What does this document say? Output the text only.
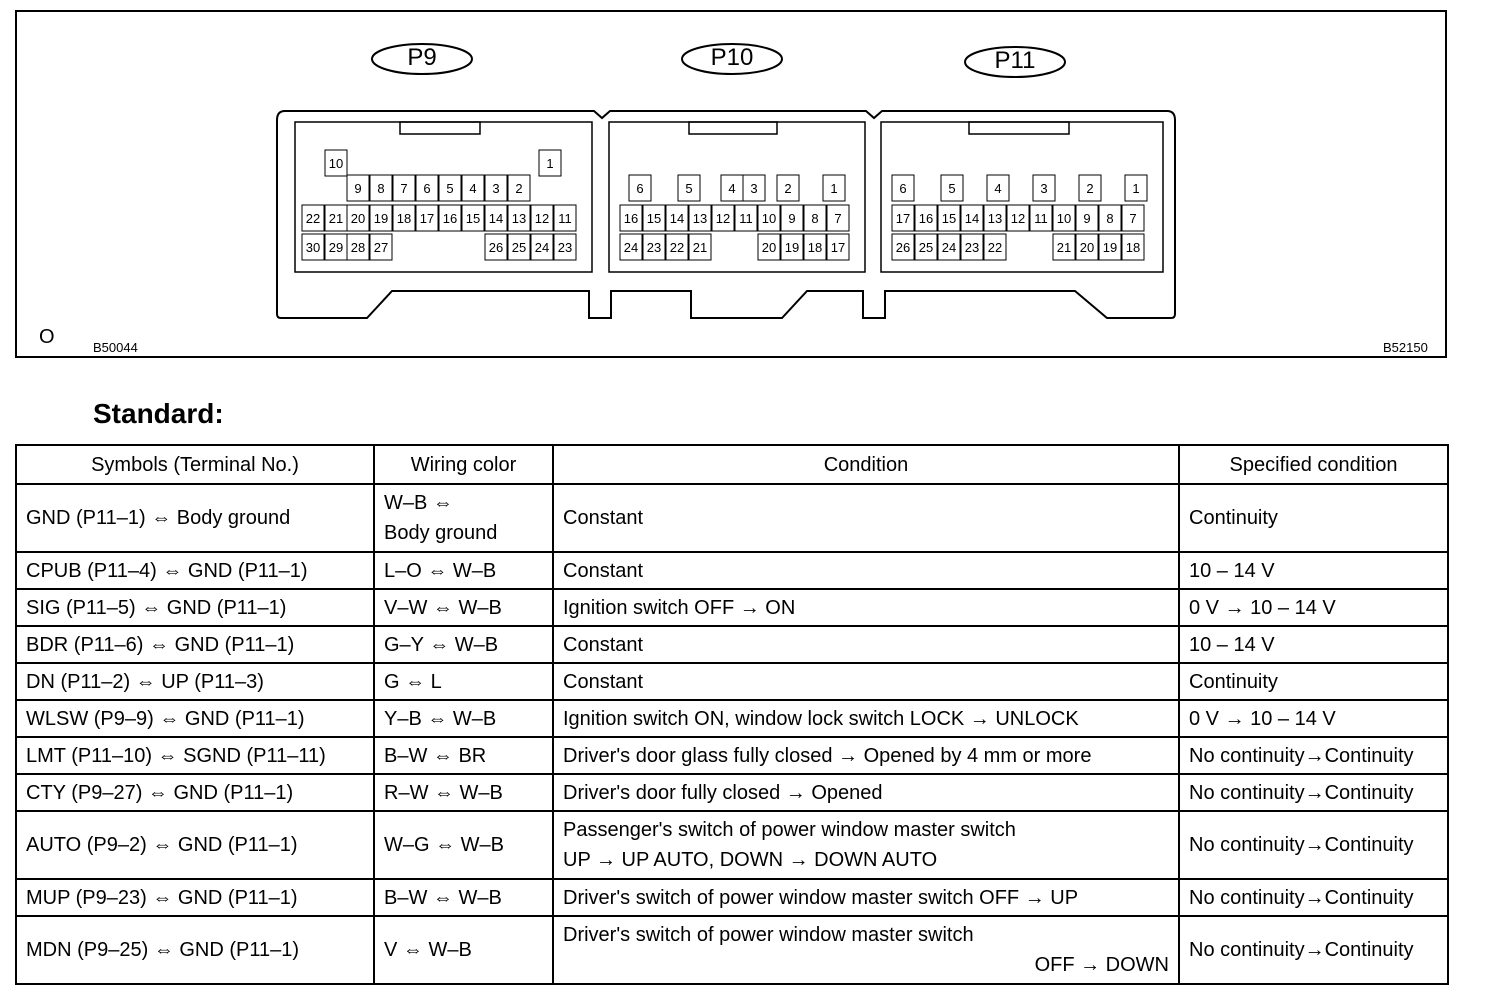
10	1
9 8 7 6 5 4 3 2
22 21 20 19 18 17 16 15 14 13 12 11
30 29 28 27	26 25 24 23
6	5	4 3 2	1
16 15 14 13 12 11 10 9 8 7
24 23 22 21	20 19 18 17
6	5	4	3	2	1
17 16 15 14 13 12 11 10 9 8 7
26 25 24 23 22	21 20 19 18
P9	P10	P11
O	B50044	B52150
Standard:
Symbols (Terminal No.)	Wiring color	Condition	Specified condition

GND (P11–1) ⇔ Body ground	W–B ⇔
Body ground	Constant	Continuity

CPUB (P11–4) ⇔ GND (P11–1)	L–O ⇔ W–B	Constant	10 – 14 V

SIG (P11–5) ⇔ GND (P11–1)	V–W ⇔ W–B	Ignition switch OFF → ON	0 V → 10 – 14 V

BDR (P11–6) ⇔ GND (P11–1)	G–Y ⇔ W–B	Constant	10 – 14 V

DN (P11–2) ⇔ UP (P11–3)	G ⇔ L	Constant	Continuity

WLSW (P9–9) ⇔ GND (P11–1)	Y–B ⇔ W–B	Ignition switch ON, window lock switch LOCK → UNLOCK	0 V → 10 – 14 V

LMT (P11–10) ⇔ SGND (P11–11)	B–W ⇔ BR	Driver's door glass fully closed → Opened by 4 mm or more	No continuity→Continuity

CTY (P9–27) ⇔ GND (P11–1)	R–W ⇔ W–B	Driver's door fully closed → Opened	No continuity→Continuity

AUTO (P9–2) ⇔ GND (P11–1)	W–G ⇔ W–B	Passenger's switch of power window master switch
UP → UP AUTO, DOWN → DOWN AUTO	No continuity→Continuity

MUP (P9–23) ⇔ GND (P11–1)	B–W ⇔ W–B	Driver's switch of power window master switch OFF → UP	No continuity→Continuity

MDN (P9–25) ⇔ GND (P11–1)	V ⇔ W–B	Driver's switch of power window master switch
OFF → DOWN	No continuity→Continuity
